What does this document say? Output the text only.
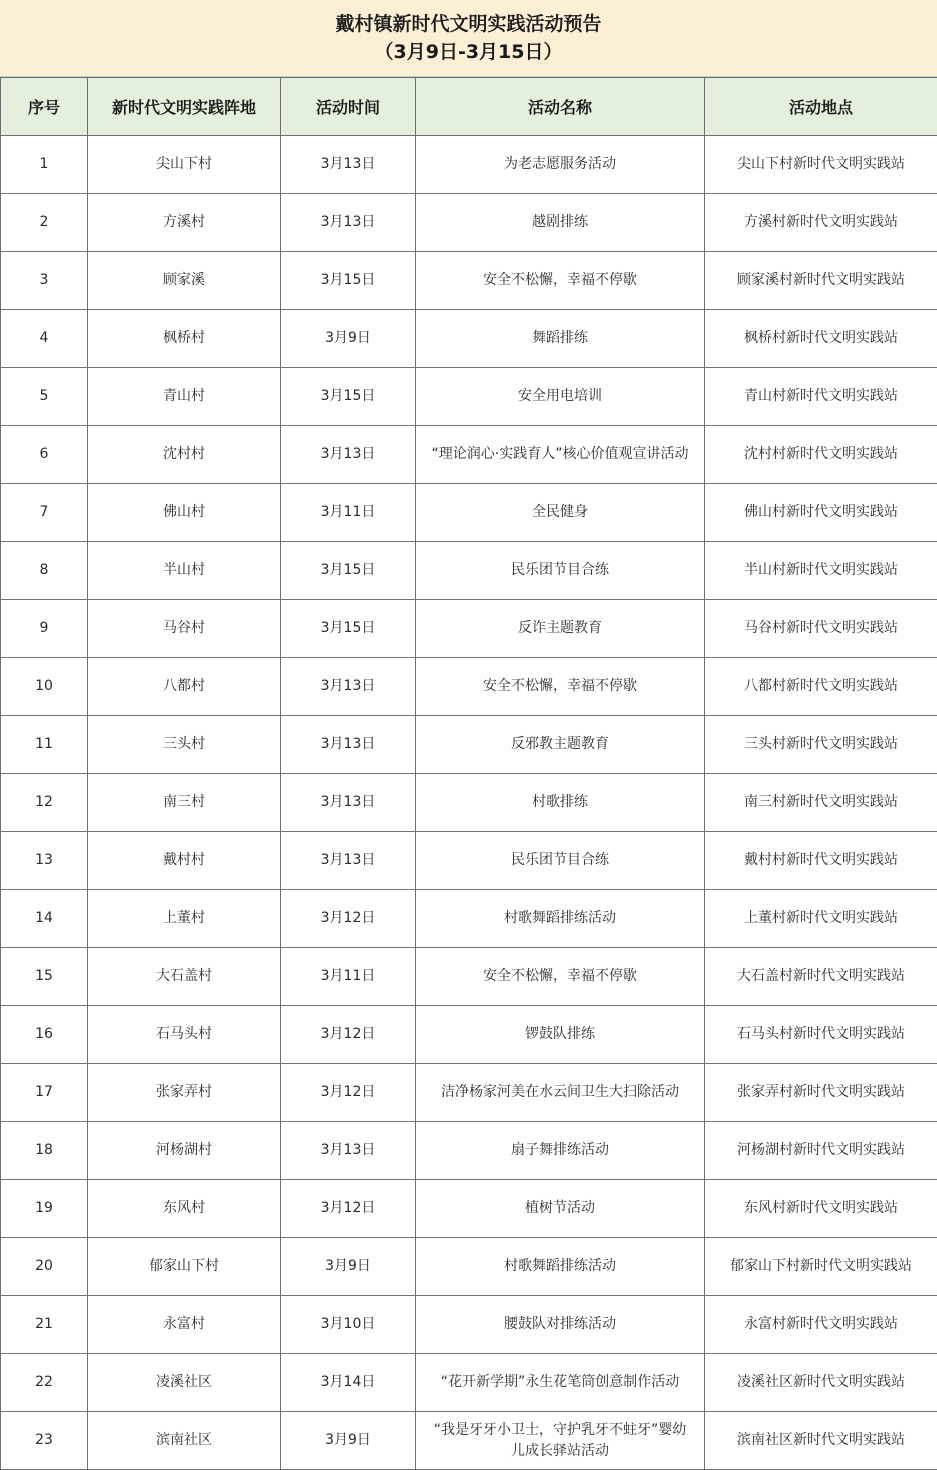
戴村镇新时代文明实践活动预告
（3月9日-3月15日）
序号	新时代文明实践阵地	活动时间	活动名称	活动地点
1	尖山下村	3月13日	为老志愿服务活动	尖山下村新时代文明实践站
2	方溪村	3月13日	越剧排练	方溪村新时代文明实践站
3	顾家溪	3月15日	安全不松懈，幸福不停歇	顾家溪村新时代文明实践站
4	枫桥村	3月9日	舞蹈排练	枫桥村新时代文明实践站
5	青山村	3月15日	安全用电培训	青山村新时代文明实践站
6	沈村村	3月13日	“理论润心·实践育人”核心价值观宣讲活动	沈村村新时代文明实践站
7	佛山村	3月11日	全民健身	佛山村新时代文明实践站
8	半山村	3月15日	民乐团节目合练	半山村新时代文明实践站
9	马谷村	3月15日	反诈主题教育	马谷村新时代文明实践站
10	八都村	3月13日	安全不松懈，幸福不停歇	八都村新时代文明实践站
11	三头村	3月13日	反邪教主题教育	三头村新时代文明实践站
12	南三村	3月13日	村歌排练	南三村新时代文明实践站
13	戴村村	3月13日	民乐团节目合练	戴村村新时代文明实践站
14	上董村	3月12日	村歌舞蹈排练活动	上董村新时代文明实践站
15	大石盖村	3月11日	安全不松懈，幸福不停歇	大石盖村新时代文明实践站
16	石马头村	3月12日	锣鼓队排练	石马头村新时代文明实践站
17	张家弄村	3月12日	洁净杨家河美在水云间卫生大扫除活动	张家弄村新时代文明实践站
18	河杨湖村	3月13日	扇子舞排练活动	河杨湖村新时代文明实践站
19	东风村	3月12日	植树节活动	东风村新时代文明实践站
20	郁家山下村	3月9日	村歌舞蹈排练活动	郁家山下村新时代文明实践站
21	永富村	3月10日	腰鼓队对排练活动	永富村新时代文明实践站
22	凌溪社区	3月14日	“花开新学期”永生花笔筒创意制作活动	凌溪社区新时代文明实践站
23	滨南社区	3月9日	“我是牙牙小卫士，守护乳牙不蛀牙”婴幼儿成长驿站活动	滨南社区新时代文明实践站
